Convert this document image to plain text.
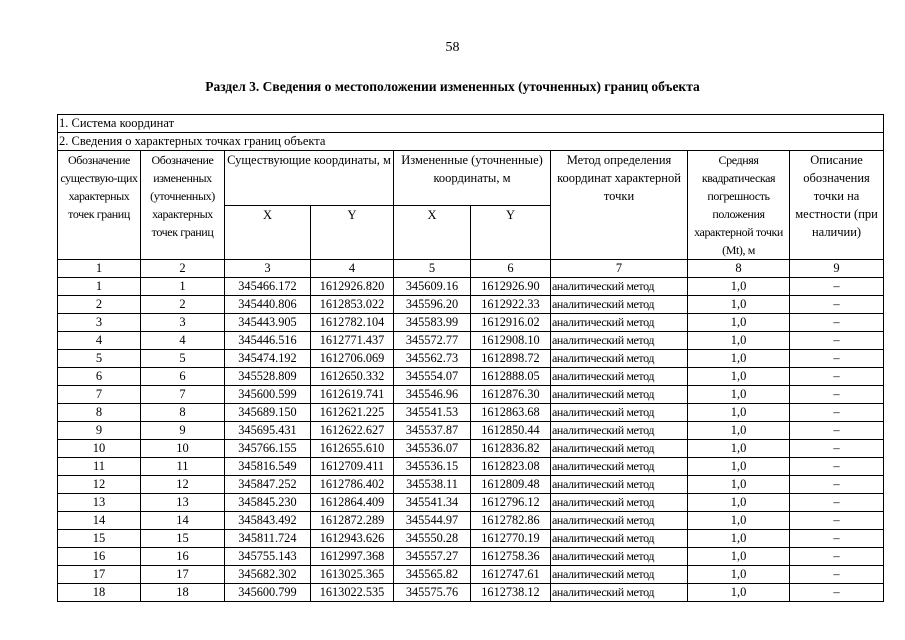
58
Раздел 3. Сведения о местоположении измененных (уточненных) границ объекта
1. Система координат								
2. Сведения о характерных точках границ объекта								
Обозначение существую-щих характерных точек границ	Обозначение измененных (уточненных) характерных точек границ	Существующие координаты, м		Измененные (уточненные) координаты, м		Метод определения координат характерной точки	Средняя квадратическая погрешность положения характерной точки (Mt), м	Описание обозначения точки на местности (при наличии)
		X	Y	X	Y			
1	2	3	4	5	6	7	8	9
1	1	345466.172	1612926.820	345609.16	1612926.90	аналитический метод	1,0	–
2	2	345440.806	1612853.022	345596.20	1612922.33	аналитический метод	1,0	–
3	3	345443.905	1612782.104	345583.99	1612916.02	аналитический метод	1,0	–
4	4	345446.516	1612771.437	345572.77	1612908.10	аналитический метод	1,0	–
5	5	345474.192	1612706.069	345562.73	1612898.72	аналитический метод	1,0	–
6	6	345528.809	1612650.332	345554.07	1612888.05	аналитический метод	1,0	–
7	7	345600.599	1612619.741	345546.96	1612876.30	аналитический метод	1,0	–
8	8	345689.150	1612621.225	345541.53	1612863.68	аналитический метод	1,0	–
9	9	345695.431	1612622.627	345537.87	1612850.44	аналитический метод	1,0	–
10	10	345766.155	1612655.610	345536.07	1612836.82	аналитический метод	1,0	–
11	11	345816.549	1612709.411	345536.15	1612823.08	аналитический метод	1,0	–
12	12	345847.252	1612786.402	345538.11	1612809.48	аналитический метод	1,0	–
13	13	345845.230	1612864.409	345541.34	1612796.12	аналитический метод	1,0	–
14	14	345843.492	1612872.289	345544.97	1612782.86	аналитический метод	1,0	–
15	15	345811.724	1612943.626	345550.28	1612770.19	аналитический метод	1,0	–
16	16	345755.143	1612997.368	345557.27	1612758.36	аналитический метод	1,0	–
17	17	345682.302	1613025.365	345565.82	1612747.61	аналитический метод	1,0	–
18	18	345600.799	1613022.535	345575.76	1612738.12	аналитический метод	1,0	–
